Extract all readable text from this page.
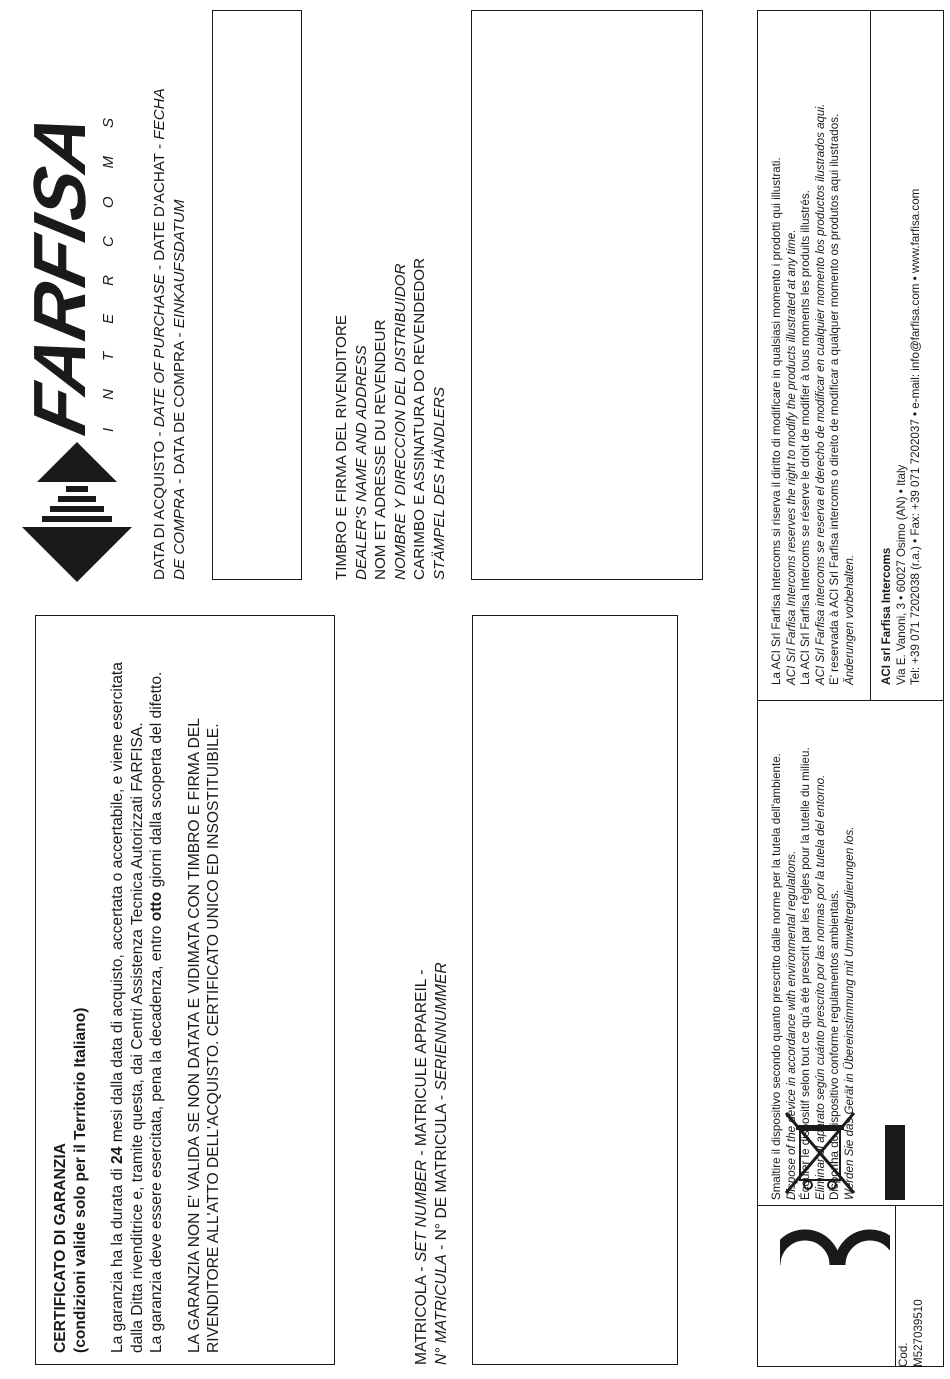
CERTIFICATO DI GARANZIA (condizioni valide solo per il Territorio Italiano) La garanzia ha la durata di 24 mesi dalla data di acquisto, accertata o accertabile, e viene esercitata dalla Ditta rivenditrice e, tramite questa, dai Centri Assistenza Tecnica Autorizzati FARFISA. La garanzia deve essere esercitata, pena la decadenza, entro otto giorni dalla scoperta del difetto. LA GARANZIA NON E' VALIDA SE NON DATATA E VIDIMATA CON TIMBRO E FIRMA DEL RIVENDITORE ALL'ATTO DELL'ACQUISTO. CERTIFICATO UNICO ED INSOSTITUIBILE.	MATRICOLA - SET NUMBER - MATRICULE APPAREIL -

N° MATRICULA - N° DE MATRICULA - SERIENNUMMER

FARFISA INTERCOMS

DATA DI ACQUISTO - DATE OF PURCHASE - DATE D'ACHAT - FECHA

DE COMPRA - DATA DE COMPRA - EINKAUFSDATUM

TIMBRO E FIRMA DEL RIVENDITORE DEALER'S NAME AND ADDRESS NOM ET ADRESSE DU REVENDEUR NOMBRE Y DIRECCION DEL DISTRIBUIDOR CARIMBO E ASSINATURA DO REVENDEDOR STÄMPEL DES HÄNDLERS

CE

Cod. M527039510

Smaltire il dispositivo secondo quanto prescritto dalle norme per la tutela dell'ambiente. Dispose of the device in accordance with environmental regulations. Écouler le dispositif selon tout ce qu'a été prescrit par les règles pour la tutelle du milieu. Eliminar el aparato según cuánto prescrito por las normas por la tutela del entorno. Disponha do dispositivo conforme regulamentos ambientais. Werden Sie das Gerät in Übereinstimmung mit Umweltregulierungen los.

La ACI Srl Farfisa Intercoms si riserva il diritto di modificare in qualsiasi momento i prodotti qui illustrati. ACI Srl Farfisa Intercoms reserves the right to modify the products illustrated at any time. La ACI Srl Farfisa Intercoms se réserve le droit de modifier à tous moments les produits illustrés. ACI Srl Farfisa intercoms se reserva el derecho de modificar en cualquier momento los productos ilustrados aqui. E' reservada à ACI Srl Farfisa intercoms o direito de modificar a qualquer momento os produtos aqui ilustrados. Änderungen vorbehalten. ACI srl Farfisa Intercoms Via E. Vanoni, 3 • 60027 Osimo (AN) • Italy Tel: +39 071 7202038 (r.a.) • Fax: +39 071 7202037 • e-mail: info@farfisa.com • www.farfisa.com
